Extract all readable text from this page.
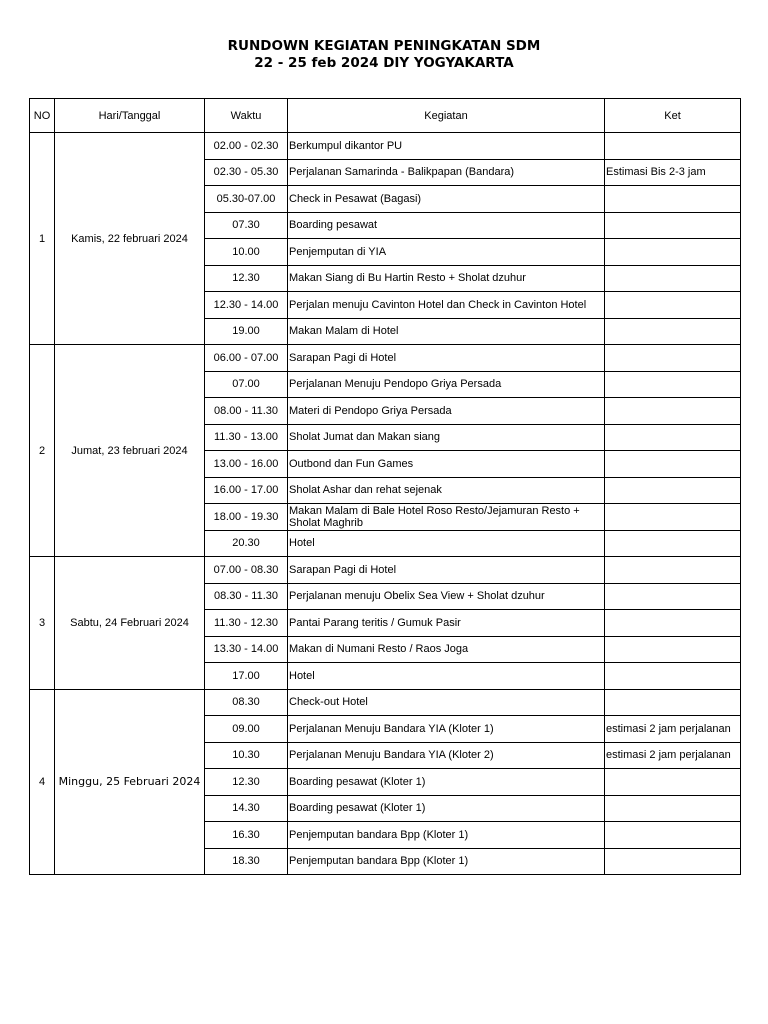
RUNDOWN KEGIATAN PENINGKATAN SDM
22 - 25 feb 2024 DIY YOGYAKARTA
NO	Hari/Tanggal	Waktu	Kegiatan	Ket
1	Kamis, 22 februari 2024	02.00 - 02.30	Berkumpul dikantor PU	
		02.30 - 05.30	Perjalanan Samarinda - Balikpapan (Bandara)	Estimasi Bis 2-3 jam
		05.30-07.00	Check in Pesawat (Bagasi)	
		07.30	Boarding pesawat	
		10.00	Penjemputan di YIA	
		12.30	Makan Siang di Bu Hartin Resto + Sholat dzuhur	
		12.30 - 14.00	Perjalan menuju Cavinton Hotel dan Check in Cavinton Hotel	
		19.00	Makan Malam di Hotel	
2	Jumat, 23 februari 2024	06.00 - 07.00	Sarapan Pagi di Hotel	
		07.00	Perjalanan Menuju Pendopo Griya Persada	
		08.00 - 11.30	Materi di Pendopo Griya Persada	
		11.30 - 13.00	Sholat Jumat dan Makan siang	
		13.00 - 16.00	Outbond dan Fun Games	
		16.00 - 17.00	Sholat Ashar dan rehat sejenak	
		18.00 - 19.30	Makan Malam di Bale Hotel Roso Resto/Jejamuran Resto + Sholat Maghrib	
		20.30	Hotel	
3	Sabtu, 24 Februari 2024	07.00 - 08.30	Sarapan Pagi di Hotel	
		08.30 - 11.30	Perjalanan menuju Obelix Sea View + Sholat dzuhur	
		11.30 - 12.30	Pantai Parang teritis / Gumuk Pasir	
		13.30 - 14.00	Makan di Numani Resto / Raos Joga	
		17.00	Hotel	
4	Minggu, 25 Februari 2024	08.30	Check-out Hotel	
		09.00	Perjalanan Menuju Bandara YIA (Kloter 1)	estimasi 2 jam perjalanan
		10.30	Perjalanan Menuju Bandara YIA (Kloter 2)	estimasi 2 jam perjalanan
		12.30	Boarding pesawat (Kloter 1)	
		14.30	Boarding pesawat (Kloter 1)	
		16.30	Penjemputan bandara Bpp (Kloter 1)	
		18.30	Penjemputan bandara Bpp (Kloter 1)	
